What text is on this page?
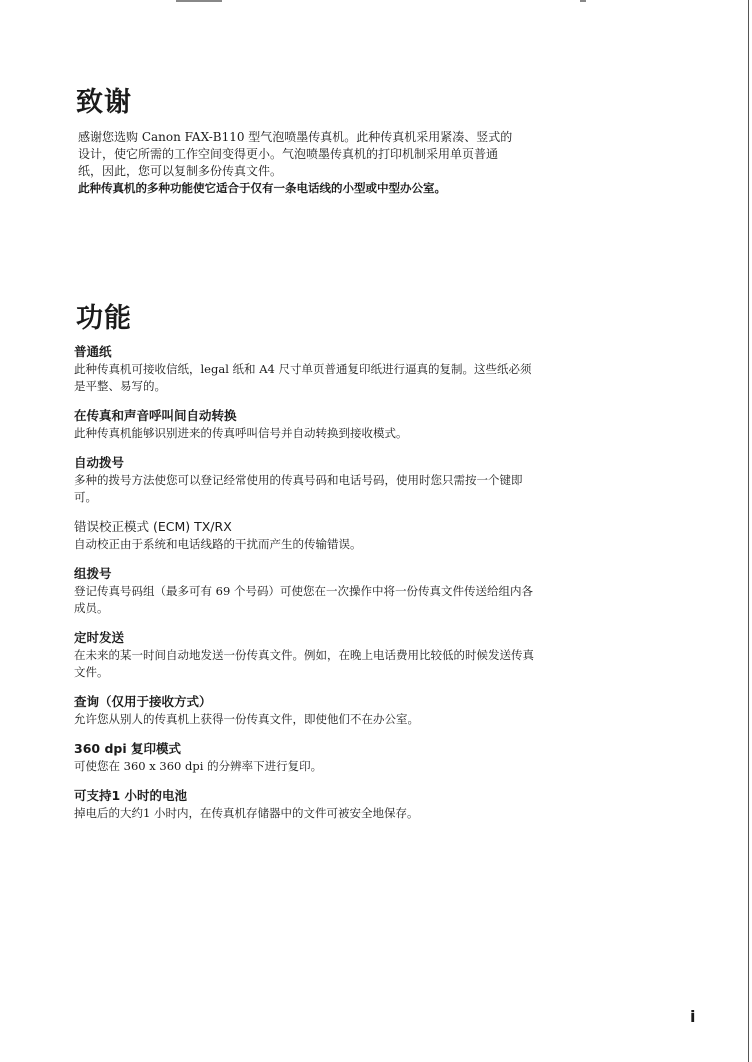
致谢

感谢您选购 Canon FAX-B110 型气泡喷墨传真机。此种传真机采用紧凑、竖式的设计，使它所需的工作空间变得更小。气泡喷墨传真机的打印机制采用单页普通纸，因此，您可以复制多份传真文件。

此种传真机的多种功能使它适合于仅有一条电话线的小型或中型办公室。

功能

普通纸

此种传真机可接收信纸，legal 纸和 A4 尺寸单页普通复印纸进行逼真的复制。这些纸必须是平整、易写的。

在传真和声音呼叫间自动转换

此种传真机能够识别进来的传真呼叫信号并自动转换到接收模式。

自动拨号

多种的拨号方法使您可以登记经常使用的传真号码和电话号码，使用时您只需按一个键即可。

错误校正模式 (ECM) TX/RX

自动校正由于系统和电话线路的干扰而产生的传输错误。

组拨号

登记传真号码组（最多可有 69 个号码）可使您在一次操作中将一份传真文件传送给组内各成员。

定时发送

在未来的某一时间自动地发送一份传真文件。例如，在晚上电话费用比较低的时候发送传真文件。

查询（仅用于接收方式）

允许您从别人的传真机上获得一份传真文件，即使他们不在办公室。

360 dpi 复印模式

可使您在 360 x 360 dpi 的分辨率下进行复印。

可支持1 小时的电池

掉电后的大约1 小时内，在传真机存储器中的文件可被安全地保存。

i
